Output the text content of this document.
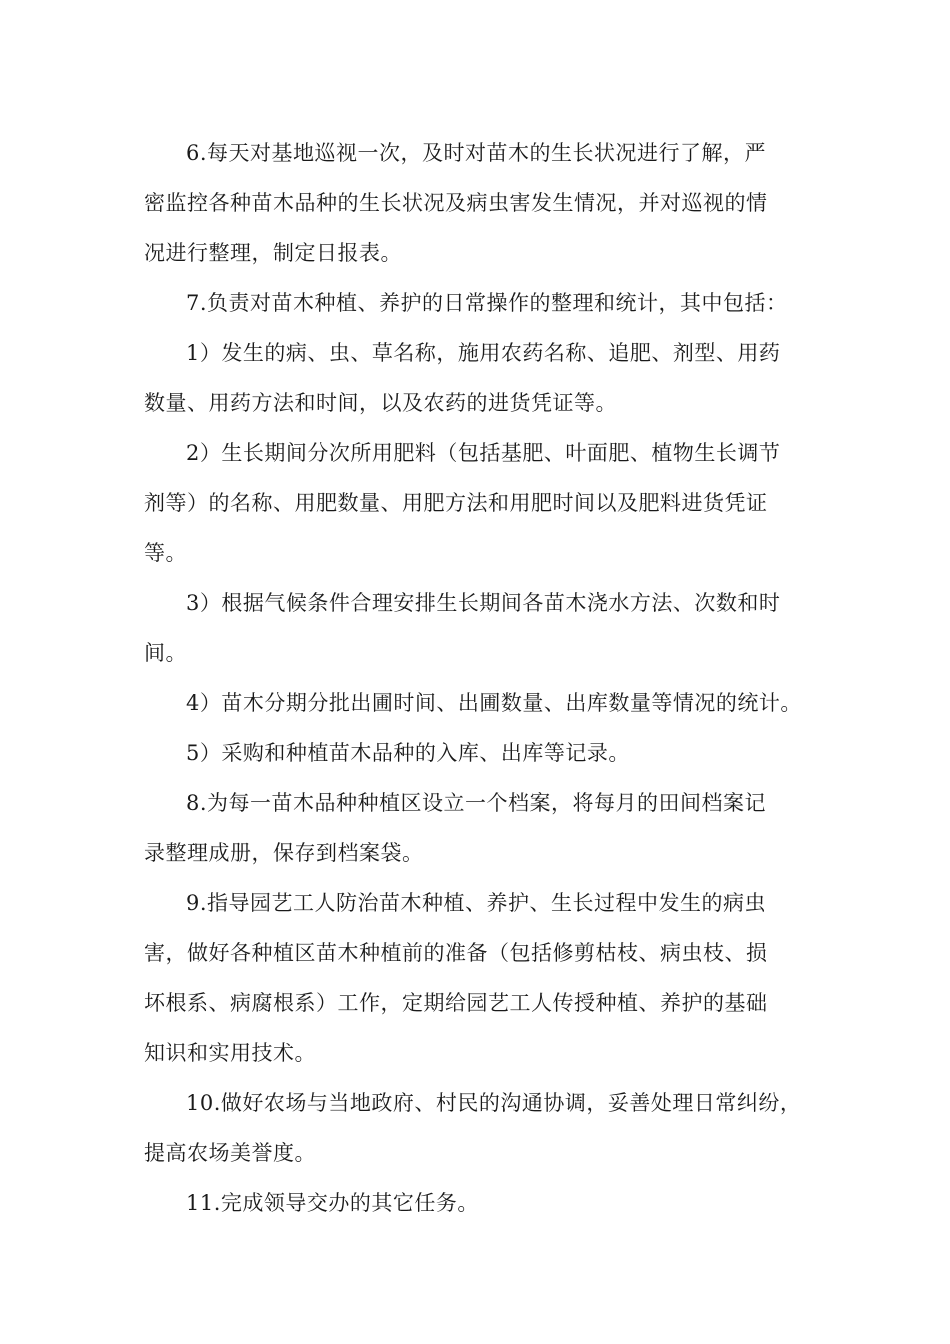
6.每天对基地巡视一次，及时对苗木的生长状况进行了解，严
密监控各种苗木品种的生长状况及病虫害发生情况，并对巡视的情
况进行整理，制定日报表。
7.负责对苗木种植、养护的日常操作的整理和统计，其中包括：
1）发生的病、虫、草名称，施用农药名称、追肥、剂型、用药
数量、用药方法和时间，以及农药的进货凭证等。
2）生长期间分次所用肥料（包括基肥、叶面肥、植物生长调节
剂等）的名称、用肥数量、用肥方法和用肥时间以及肥料进货凭证
等。
3）根据气候条件合理安排生长期间各苗木浇水方法、次数和时
间。
4）苗木分期分批出圃时间、出圃数量、出库数量等情况的统计。
5）采购和种植苗木品种的入库、出库等记录。
8.为每一苗木品种种植区设立一个档案，将每月的田间档案记
录整理成册，保存到档案袋。
9.指导园艺工人防治苗木种植、养护、生长过程中发生的病虫
害，做好各种植区苗木种植前的准备（包括修剪枯枝、病虫枝、损
坏根系、病腐根系）工作，定期给园艺工人传授种植、养护的基础
知识和实用技术。
10.做好农场与当地政府、村民的沟通协调，妥善处理日常纠纷，
提高农场美誉度。
11.完成领导交办的其它任务。
